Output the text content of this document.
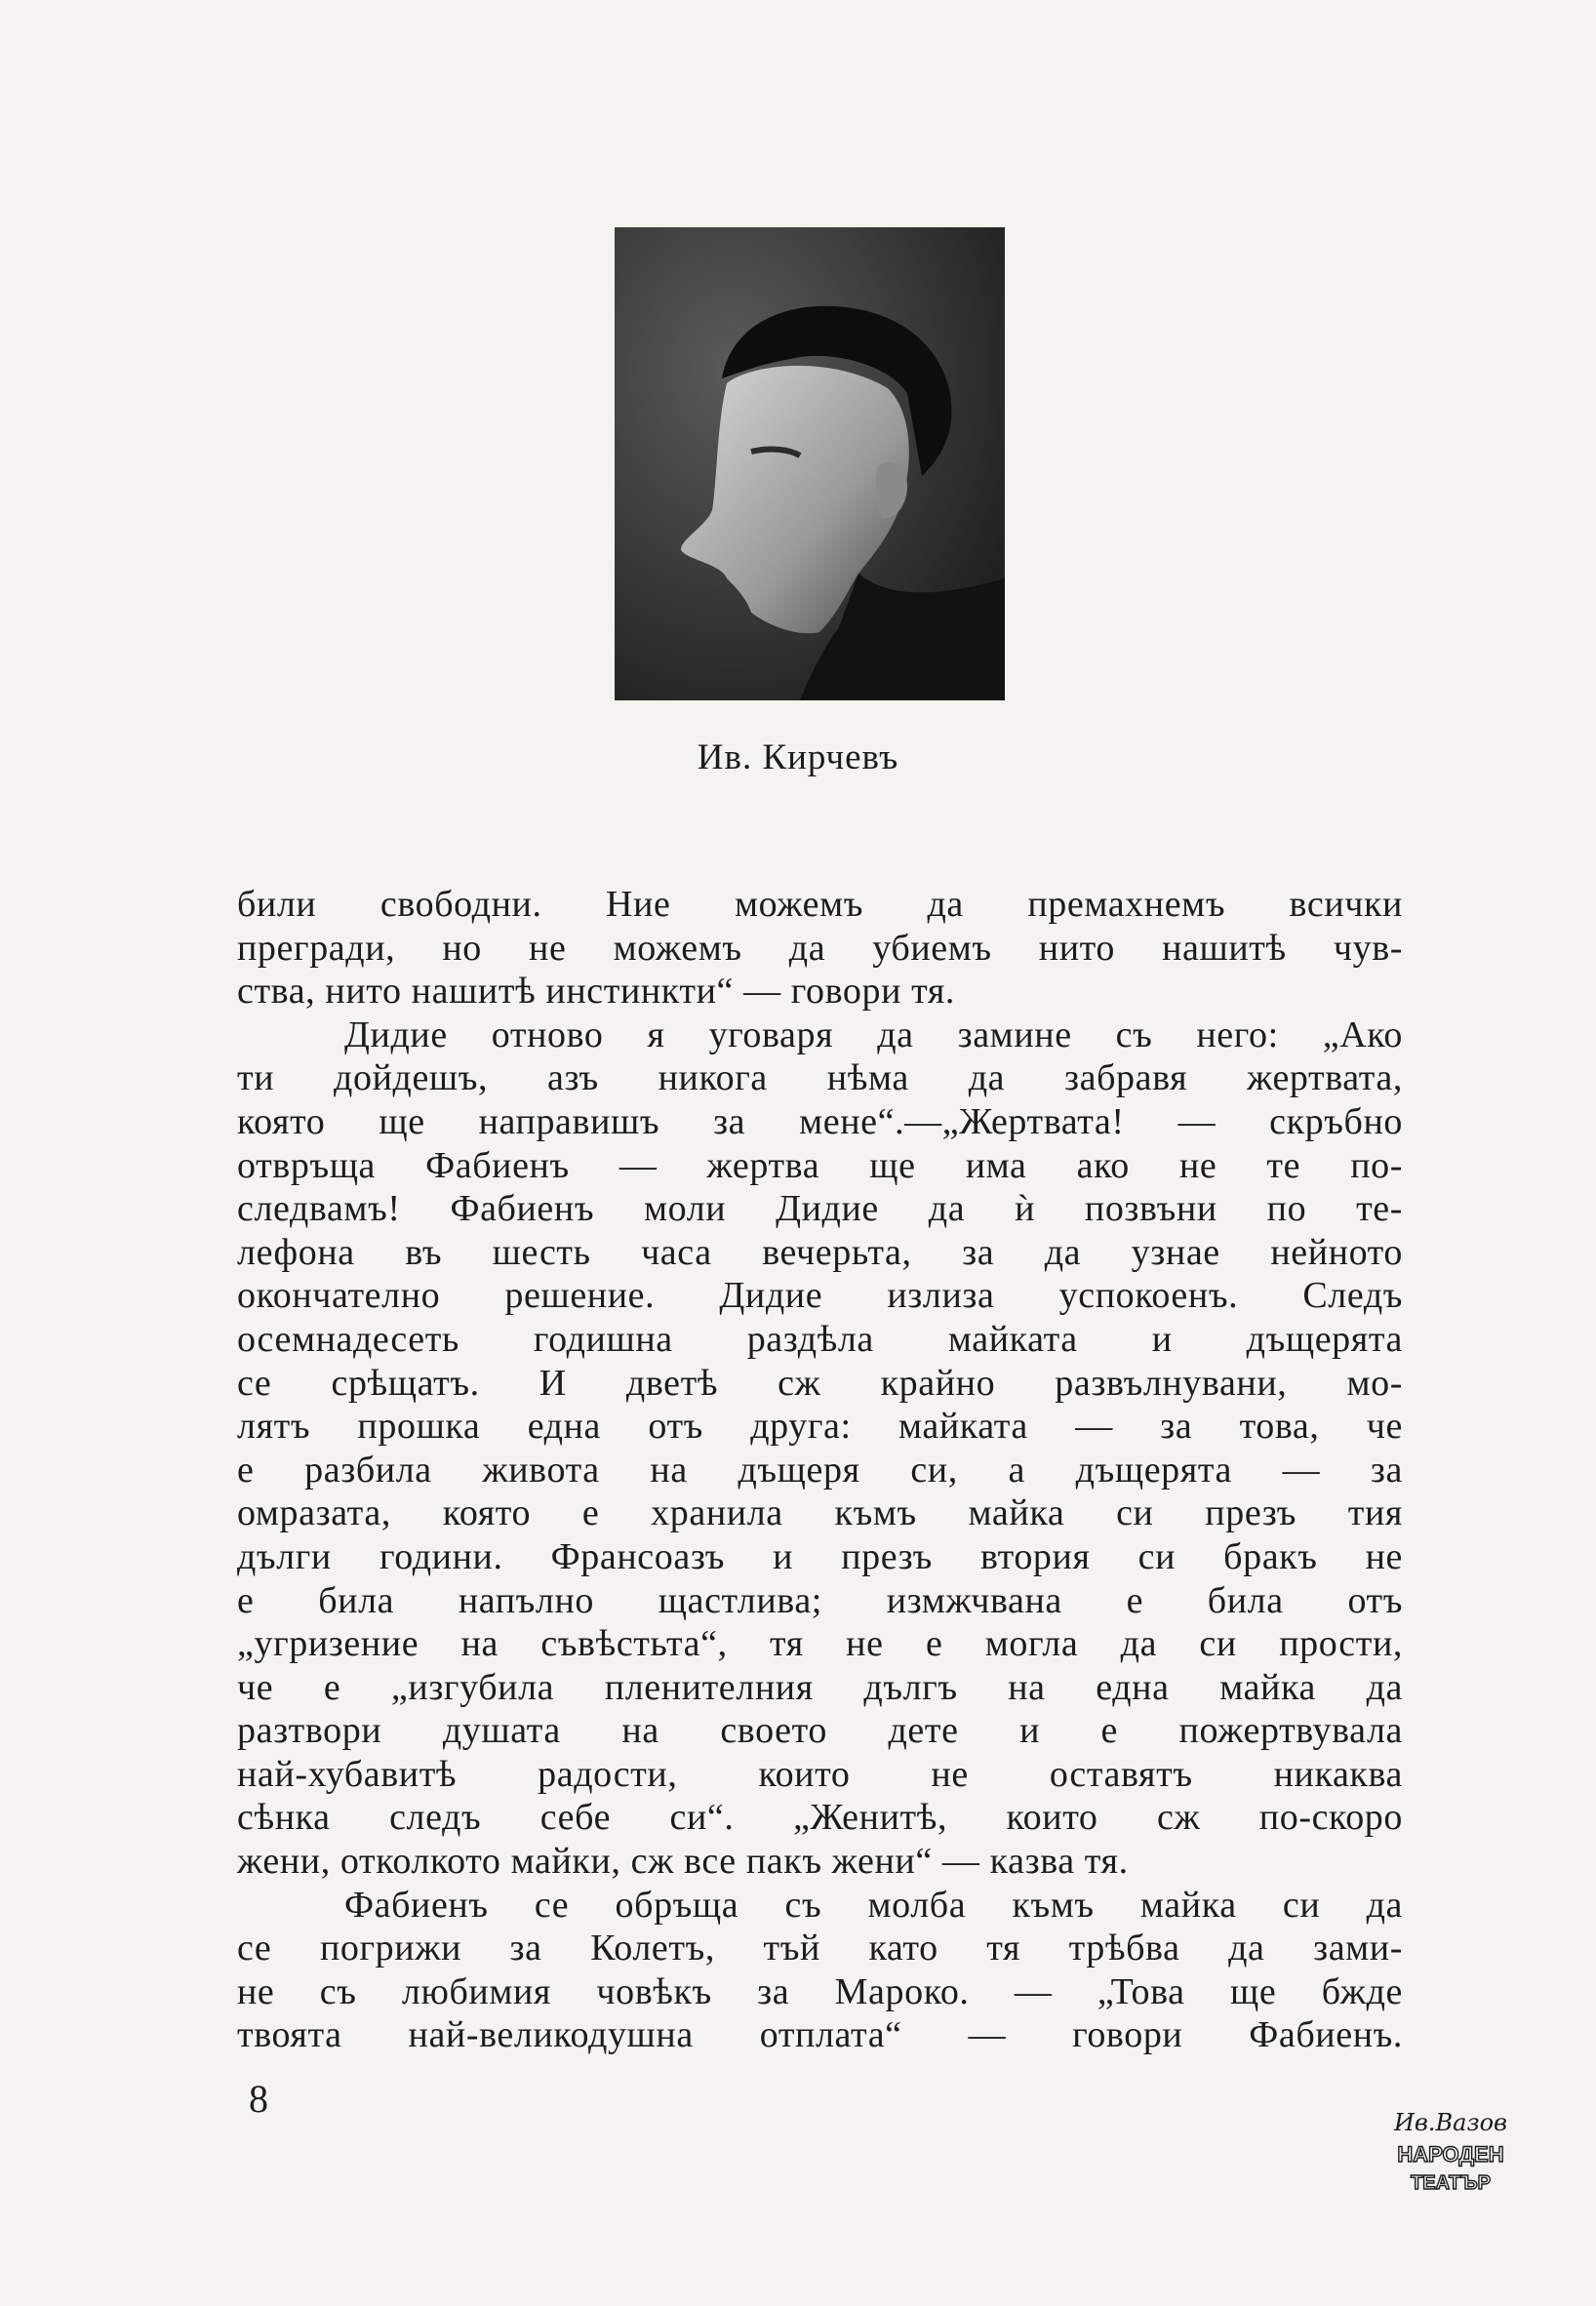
Ив. Кирчевъ
били свободни. Ние можемъ да премахнемъ всички
прегради, но не можемъ да убиемъ нито нашитѣ чув-
ства, нито нашитѣ инстинкти“ — говори тя.
Дидие отново я уговаря да замине съ него: „Ако
ти дойдешъ, азъ никога нѣма да забравя жертвата,
която ще направишъ за мене“.—„Жертвата! — скръбно
отвръща Фабиенъ — жертва ще има ако не те по-
следвамъ! Фабиенъ моли Дидие да ѝ позвъни по те-
лефона въ шесть часа вечерьта, за да узнае нейното
окончателно решение. Дидие излиза успокоенъ. Следъ
осемнадесеть годишна раздѣла майката и дъщерята
се срѣщатъ. И дветѣ сж крайно развълнувани, мо-
лятъ прошка една отъ друга: майката — за това, че
е разбила живота на дъщеря си, а дъщерята — за
омразата, която е хранила къмъ майка си презъ тия
дълги години. Франсоазъ и презъ втория си бракъ не
е била напълно щастлива; измжчвана е била отъ
„угризение на съвѣстьта“, тя не е могла да си прости,
че е „изгубила пленителния дългъ на една майка да
разтвори душата на своето дете и е пожертвувала
най-хубавитѣ радости, които не оставятъ никаква
сѣнка следъ себе си“. „Женитѣ, които сж по-скоро
жени, отколкото майки, сж все пакъ жени“ — казва тя.
Фабиенъ се обръща съ молба къмъ майка си да
се погрижи за Колетъ, тъй като тя трѣбва да зами-
не съ любимия човѣкъ за Мароко. — „Това ще бжде
твоята най-великодушна отплата“ — говори Фабиенъ.
8
Ив.Вазов
НАРОДЕН
ТЕАТЪР
